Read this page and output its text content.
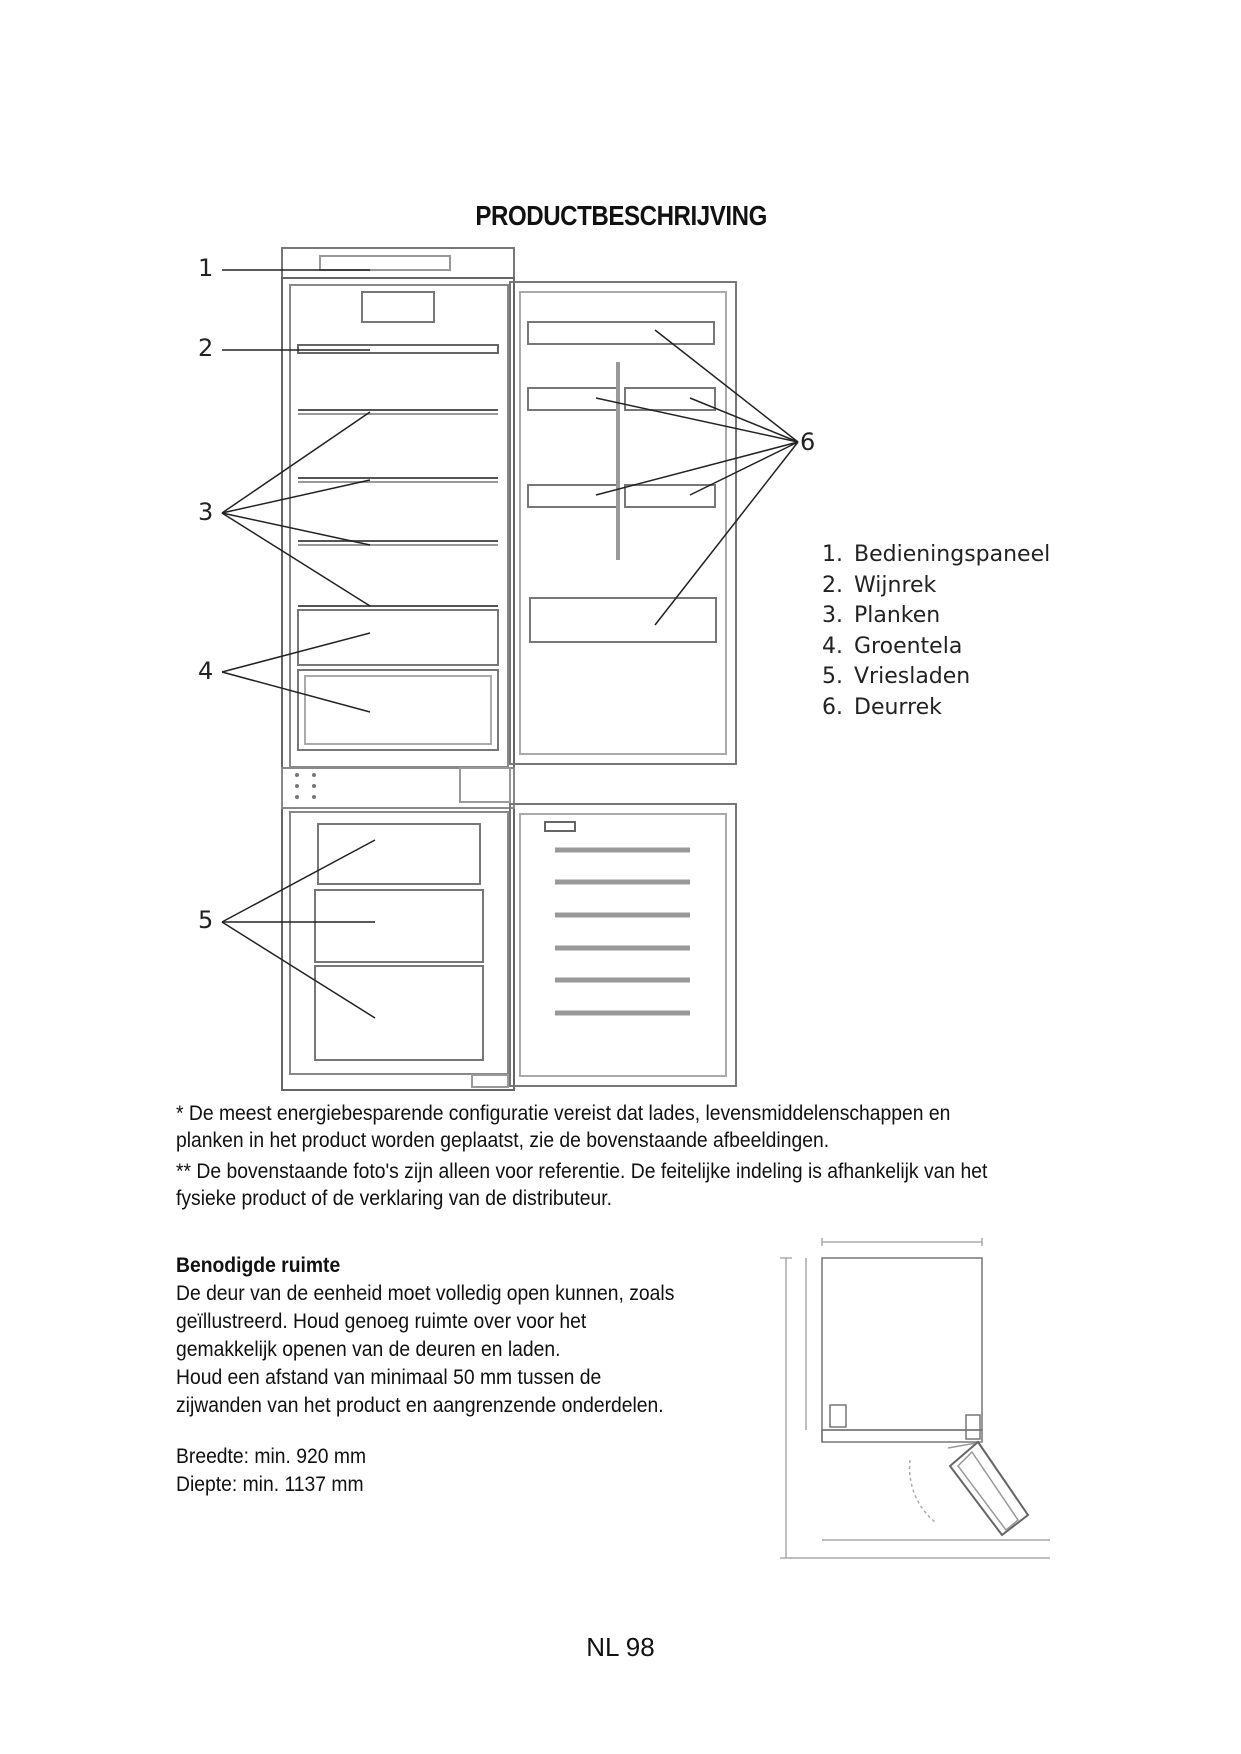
PRODUCTBESCHRIJVING
1
2
3
4
5
6
1. Bedieningspaneel
2. Wijnrek
3. Planken
4. Groentela
5. Vriesladen
6. Deurrek

* De meest energiebesparende configuratie vereist dat lades, levensmiddelenschappen en planken in het product worden geplaatst, zie de bovenstaande afbeeldingen.

** De bovenstaande foto's zijn alleen voor referentie. De feitelijke indeling is afhankelijk van het fysieke product of de verklaring van de distributeur.

Benodigde ruimte

De deur van de eenheid moet volledig open kunnen, zoals

geïllustreerd. Houd genoeg ruimte over voor het

gemakkelijk openen van de deuren en laden.

Houd een afstand van minimaal 50 mm tussen de

zijwanden van het product en aangrenzende onderdelen.

Breedte: min. 920 mm

Diepte: min. 1137 mm

NL 98
